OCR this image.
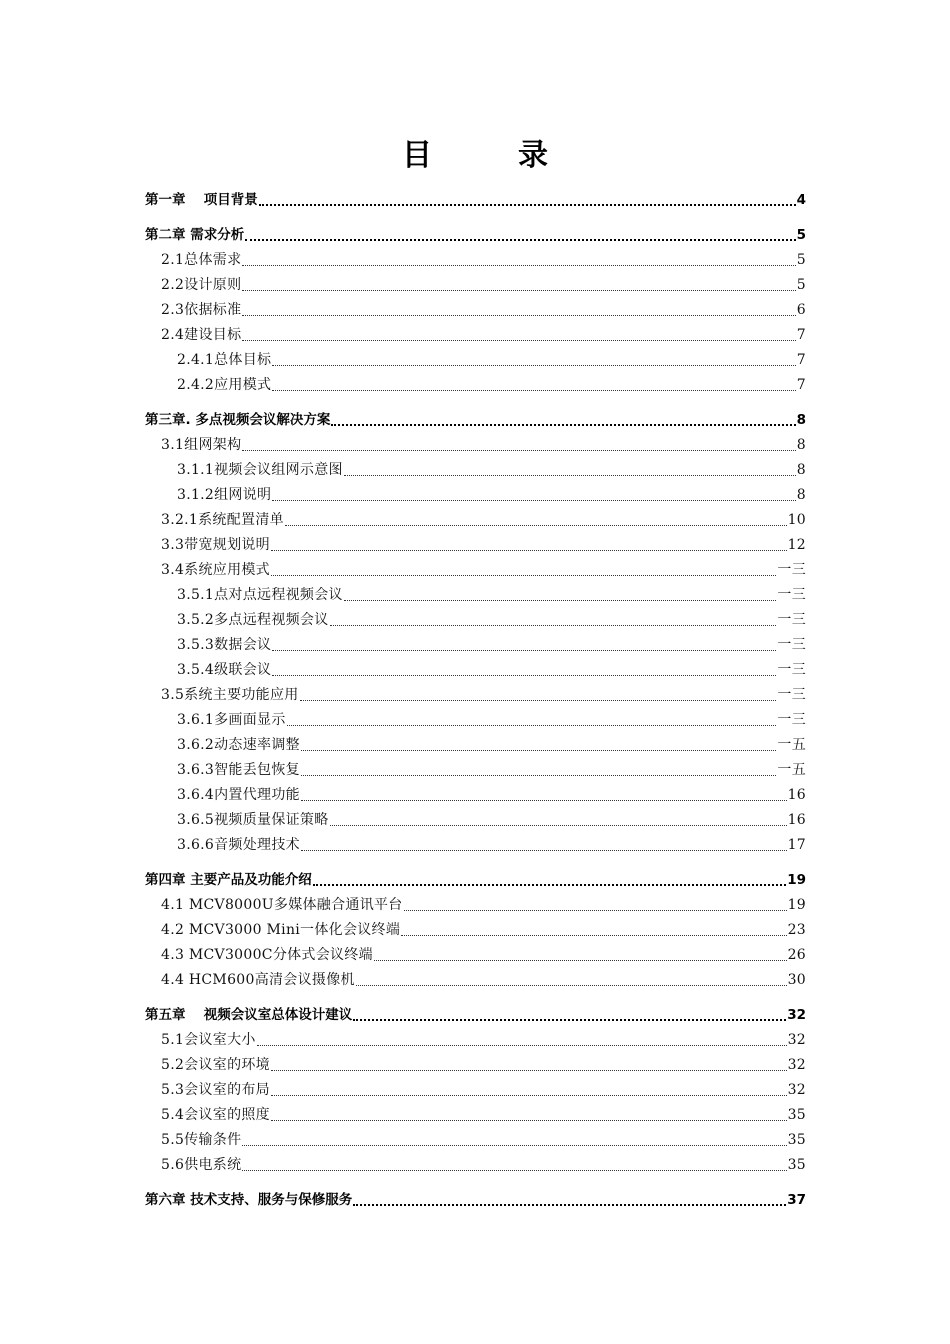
目　录
第一章　 项目背景	4
第二章 需求分析	5
2.1总体需求	5
2.2设计原则	5
2.3依据标准	6
2.4建设目标	7
2.4.1总体目标	7
2.4.2应用模式	7
第三章. 多点视频会议解决方案	8
3.1组网架构	8
3.1.1视频会议组网示意图	8
3.1.2组网说明	8
3.2.1系统配置清单	10
3.3带宽规划说明	12
3.4系统应用模式	一三
3.5.1点对点远程视频会议	一三
3.5.2多点远程视频会议	一三
3.5.3数据会议	一三
3.5.4级联会议	一三
3.5系统主要功能应用	一三
3.6.1多画面显示	一三
3.6.2动态速率调整	一五
3.6.3智能丢包恢复	一五
3.6.4内置代理功能	16
3.6.5视频质量保证策略	16
3.6.6音频处理技术	17
第四章 主要产品及功能介绍	19
4.1 MCV8000U多媒体融合通讯平台	19
4.2 MCV3000 Mini一体化会议终端	23
4.3 MCV3000C分体式会议终端	26
4.4 HCM600高清会议摄像机	30
第五章　 视频会议室总体设计建议	32
5.1会议室大小	32
5.2会议室的环境	32
5.3会议室的布局	32
5.4会议室的照度	35
5.5传输条件	35
5.6供电系统	35
第六章 技术支持、服务与保修服务	37
